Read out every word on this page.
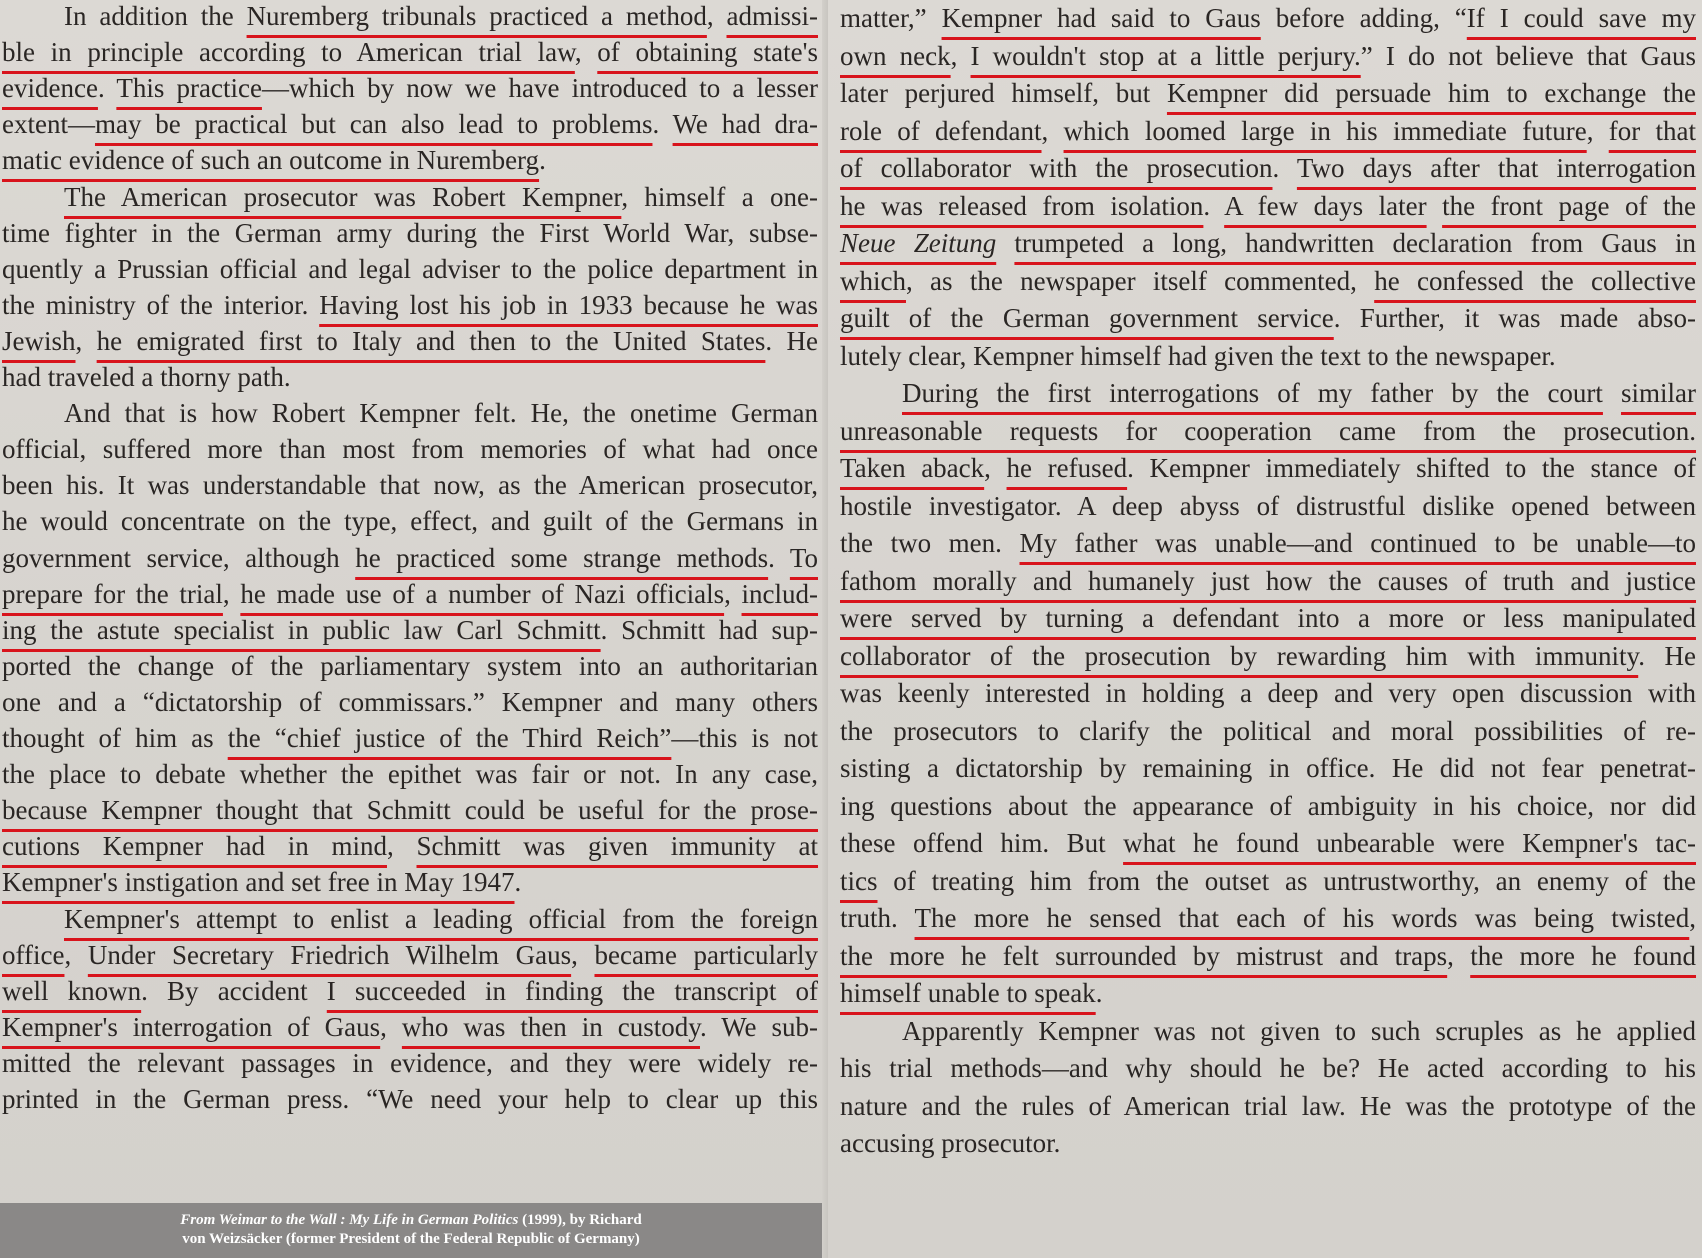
In addition the Nuremberg tribunals practiced a method, admissi-
ble in principle according to American trial law, of obtaining state's
evidence. This practice—which by now we have introduced to a lesser
extent—may be practical but can also lead to problems. We had dra-
matic evidence of such an outcome in Nuremberg.
The American prosecutor was Robert Kempner, himself a one-
time fighter in the German army during the First World War, subse-
quently a Prussian official and legal adviser to the police department in
the ministry of the interior. Having lost his job in 1933 because he was
Jewish, he emigrated first to Italy and then to the United States. He
had traveled a thorny path.
And that is how Robert Kempner felt. He, the onetime German
official, suffered more than most from memories of what had once
been his. It was understandable that now, as the American prosecutor,
he would concentrate on the type, effect, and guilt of the Germans in
government service, although he practiced some strange methods. To
prepare for the trial, he made use of a number of Nazi officials, includ-
ing the astute specialist in public law Carl Schmitt. Schmitt had sup-
ported the change of the parliamentary system into an authoritarian
one and a “dictatorship of commissars.” Kempner and many others
thought of him as the “chief justice of the Third Reich”—this is not
the place to debate whether the epithet was fair or not. In any case,
because Kempner thought that Schmitt could be useful for the prose-
cutions Kempner had in mind, Schmitt was given immunity at
Kempner's instigation and set free in May 1947.
Kempner's attempt to enlist a leading official from the foreign
office, Under Secretary Friedrich Wilhelm Gaus, became particularly
well known. By accident I succeeded in finding the transcript of
Kempner's interrogation of Gaus, who was then in custody. We sub-
mitted the relevant passages in evidence, and they were widely re-
printed in the German press. “We need your help to clear up this
From Weimar to the Wall : My Life in German Politics (1999), by Richard
von Weizsäcker (former President of the Federal Republic of Germany)
matter,” Kempner had said to Gaus before adding, “If I could save my
own neck, I wouldn't stop at a little perjury.” I do not believe that Gaus
later perjured himself, but Kempner did persuade him to exchange the
role of defendant, which loomed large in his immediate future, for that
of collaborator with the prosecution. Two days after that interrogation
he was released from isolation. A few days later the front page of the
Neue Zeitung trumpeted a long, handwritten declaration from Gaus in
which, as the newspaper itself commented, he confessed the collective
guilt of the German government service. Further, it was made abso-
lutely clear, Kempner himself had given the text to the newspaper.
During the first interrogations of my father by the court similar
unreasonable requests for cooperation came from the prosecution.
Taken aback, he refused. Kempner immediately shifted to the stance of
hostile investigator. A deep abyss of distrustful dislike opened between
the two men. My father was unable—and continued to be unable—to
fathom morally and humanely just how the causes of truth and justice
were served by turning a defendant into a more or less manipulated
collaborator of the prosecution by rewarding him with immunity. He
was keenly interested in holding a deep and very open discussion with
the prosecutors to clarify the political and moral possibilities of re-
sisting a dictatorship by remaining in office. He did not fear penetrat-
ing questions about the appearance of ambiguity in his choice, nor did
these offend him. But what he found unbearable were Kempner's tac-
tics of treating him from the outset as untrustworthy, an enemy of the
truth. The more he sensed that each of his words was being twisted,
the more he felt surrounded by mistrust and traps, the more he found
himself unable to speak.
Apparently Kempner was not given to such scruples as he applied
his trial methods—and why should he be? He acted according to his
nature and the rules of American trial law. He was the prototype of the
accusing prosecutor.
